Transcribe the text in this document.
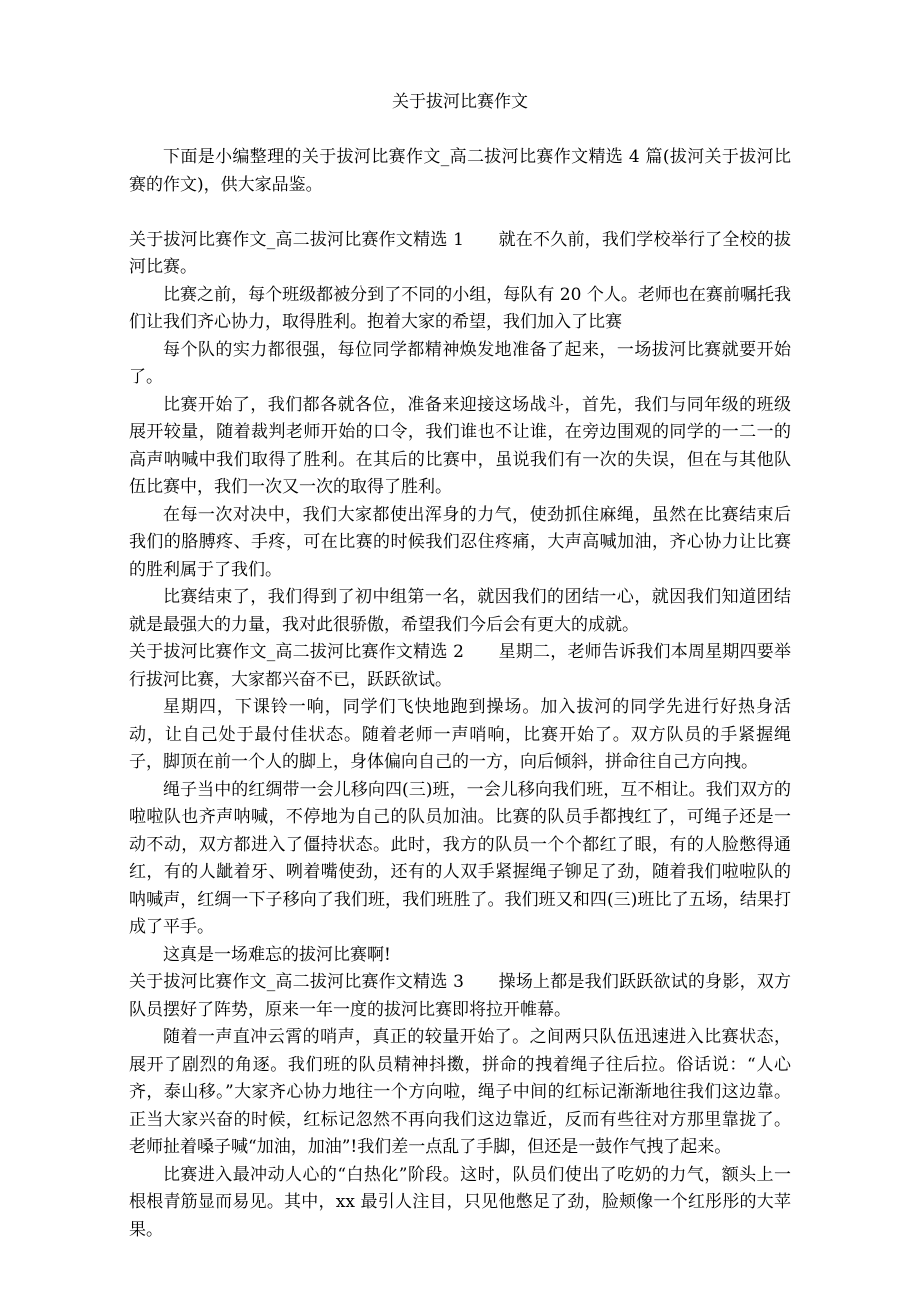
关于拔河比赛作文

下面是小编整理的关于拔河比赛作文_高二拔河比赛作文精选 4 篇(拔河关于拔河比赛的作文)，供大家品鉴。

关于拔河比赛作文_高二拔河比赛作文精选 1　　 就在不久前，我们学校举行了全校的拔河比赛。

比赛之前，每个班级都被分到了不同的小组，每队有 20 个人。老师也在赛前嘱托我们让我们齐心协力，取得胜利。抱着大家的希望，我们加入了比赛

每个队的实力都很强，每位同学都精神焕发地准备了起来，一场拔河比赛就要开始了。

比赛开始了，我们都各就各位，准备来迎接这场战斗，首先，我们与同年级的班级展开较量，随着裁判老师开始的口令，我们谁也不让谁，在旁边围观的同学的一二一的高声呐喊中我们取得了胜利。在其后的比赛中，虽说我们有一次的失误，但在与其他队伍比赛中，我们一次又一次的取得了胜利。

在每一次对决中，我们大家都使出浑身的力气，使劲抓住麻绳，虽然在比赛结束后我们的胳膊疼、手疼，可在比赛的时候我们忍住疼痛，大声高喊加油，齐心协力让比赛的胜利属于了我们。

比赛结束了，我们得到了初中组第一名，就因我们的团结一心，就因我们知道团结就是最强大的力量，我对此很骄傲，希望我们今后会有更大的成就。

关于拔河比赛作文_高二拔河比赛作文精选 2　　 星期二，老师告诉我们本周星期四要举行拔河比赛，大家都兴奋不已，跃跃欲试。

星期四，下课铃一响，同学们飞快地跑到操场。加入拔河的同学先进行好热身活动，让自己处于最付佳状态。随着老师一声哨响，比赛开始了。双方队员的手紧握绳子，脚顶在前一个人的脚上，身体偏向自己的一方，向后倾斜，拼命往自己方向拽。

绳子当中的红绸带一会儿移向四(三)班，一会儿移向我们班，互不相让。我们双方的啦啦队也齐声呐喊，不停地为自己的队员加油。比赛的队员手都拽红了，可绳子还是一动不动，双方都进入了僵持状态。此时，我方的队员一个个都红了眼，有的人脸憋得通红，有的人龇着牙、咧着嘴使劲，还有的人双手紧握绳子铆足了劲，随着我们啦啦队的呐喊声，红绸一下子移向了我们班，我们班胜了。我们班又和四(三)班比了五场，结果打成了平手。

这真是一场难忘的拔河比赛啊!

关于拔河比赛作文_高二拔河比赛作文精选 3　　 操场上都是我们跃跃欲试的身影，双方队员摆好了阵势，原来一年一度的拔河比赛即将拉开帷幕。

随着一声直冲云霄的哨声，真正的较量开始了。之间两只队伍迅速进入比赛状态，展开了剧烈的角逐。我们班的队员精神抖擞，拼命的拽着绳子往后拉。俗话说：“人心齐，泰山移。”大家齐心协力地往一个方向啦，绳子中间的红标记渐渐地往我们这边靠。正当大家兴奋的时候，红标记忽然不再向我们这边靠近，反而有些往对方那里靠拢了。老师扯着嗓子喊“加油，加油”!我们差一点乱了手脚，但还是一鼓作气拽了起来。

比赛进入最冲动人心的“白热化”阶段。这时，队员们使出了吃奶的力气，额头上一根根青筋显而易见。其中，xx 最引人注目，只见他憋足了劲，脸颊像一个红彤彤的大苹果。
